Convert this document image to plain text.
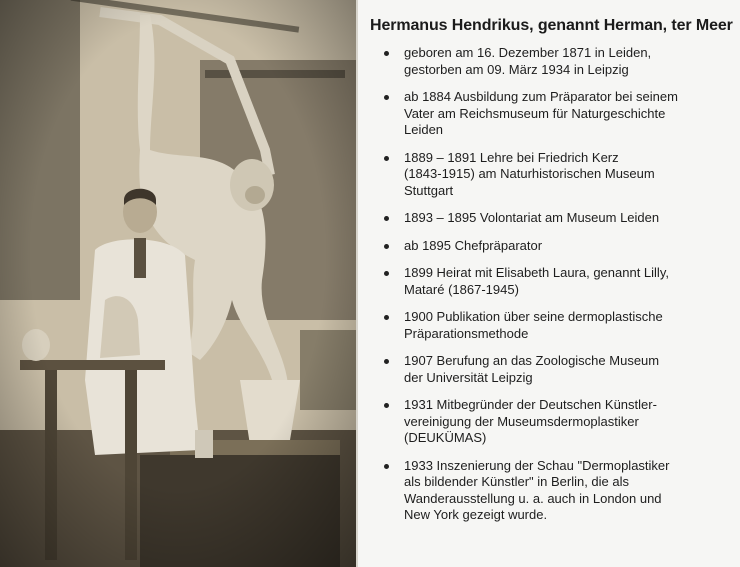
Hermanus Hendrikus, genannt Herman, ter Meer
geboren am 16. Dezember 1871 in Leiden,
gestorben am 09. März 1934 in Leipzig
ab 1884 Ausbildung zum Präparator bei seinem
Vater am Reichsmuseum für Naturgeschichte
Leiden
1889 – 1891 Lehre bei Friedrich Kerz
(1843-1915) am Naturhistorischen Museum
Stuttgart
1893 – 1895 Volontariat am Museum Leiden
ab 1895 Chefpräparator
1899 Heirat mit Elisabeth Laura, genannt Lilly,
Mataré (1867-1945)
1900 Publikation über seine dermoplastische
Präparationsmethode
1907 Berufung an das Zoologische Museum
der Universität Leipzig
1931 Mitbegründer der Deutschen Künstler-
vereinigung der Museumsdermoplastiker
(DEUKÜMAS)
1933 Inszenierung der Schau "Dermoplastiker
als bildender Künstler" in Berlin, die als
Wanderausstellung u. a. auch in London und
New York gezeigt wurde.
